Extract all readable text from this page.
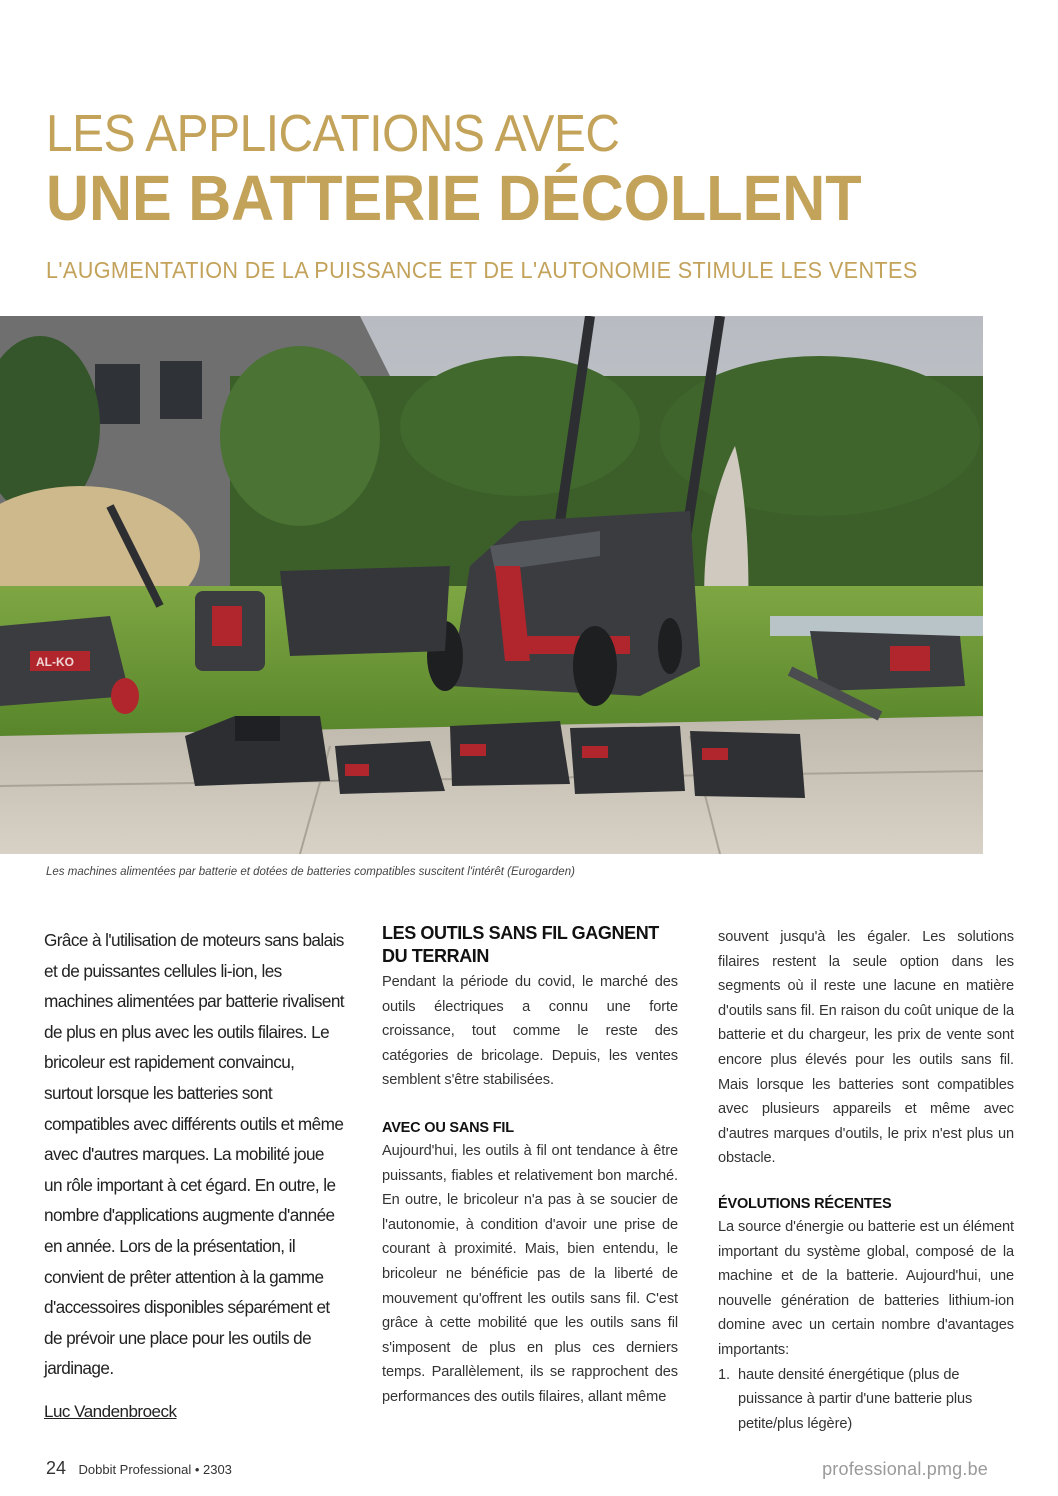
LES APPLICATIONS AVEC
UNE BATTERIE DÉCOLLENT
L'AUGMENTATION DE LA PUISSANCE ET DE L'AUTONOMIE STIMULE LES VENTES
AL-KO
Les machines alimentées par batterie et dotées de batteries compatibles suscitent l'intérêt (Eurogarden)
Grâce à l'utilisation de moteurs sans balais et de puissantes cellules li-ion, les machines alimentées par batterie rivalisent de plus en plus avec les outils filaires. Le bricoleur est rapidement convaincu, surtout lorsque les batteries sont compatibles avec différents outils et même avec d'autres marques. La mobilité joue un rôle important à cet égard. En outre, le nombre d'applications augmente d'année en année. Lors de la présentation, il convient de prêter attention à la gamme d'accessoires disponibles séparément et de prévoir une place pour les outils de jardinage.
Luc Vandenbroeck
LES OUTILS SANS FIL GAGNENT DU TERRAIN

Pendant la période du covid, le marché des outils électriques a connu une forte croissance, tout comme le reste des catégories de bricolage. Depuis, les ventes semblent s'être stabilisées.

AVEC OU SANS FIL

Aujourd'hui, les outils à fil ont tendance à être puissants, fiables et relativement bon marché. En outre, le bricoleur n'a pas à se soucier de l'autonomie, à condition d'avoir une prise de courant à proximité. Mais, bien entendu, le bricoleur ne bénéficie pas de la liberté de mouvement qu'offrent les outils sans fil. C'est grâce à cette mobilité que les outils sans fil s'imposent de plus en plus ces derniers temps. Parallèlement, ils se rapprochent des performances des outils filaires, allant même

souvent jusqu'à les égaler. Les solutions filaires restent la seule option dans les segments où il reste une lacune en matière d'outils sans fil. En raison du coût unique de la batterie et du chargeur, les prix de vente sont encore plus élevés pour les outils sans fil. Mais lorsque les batteries sont compatibles avec plusieurs appareils et même avec d'autres marques d'outils, le prix n'est plus un obstacle.

ÉVOLUTIONS RÉCENTES

La source d'énergie ou batterie est un élément important du système global, composé de la machine et de la batterie. Aujourd'hui, une nouvelle génération de batteries lithium-ion domine avec un certain nombre d'avantages importants:

1. haute densité énergétique (plus de puissance à partir d'une batterie plus petite/plus légère)
24 Dobbit Professional • 2303	professional.pmg.be
